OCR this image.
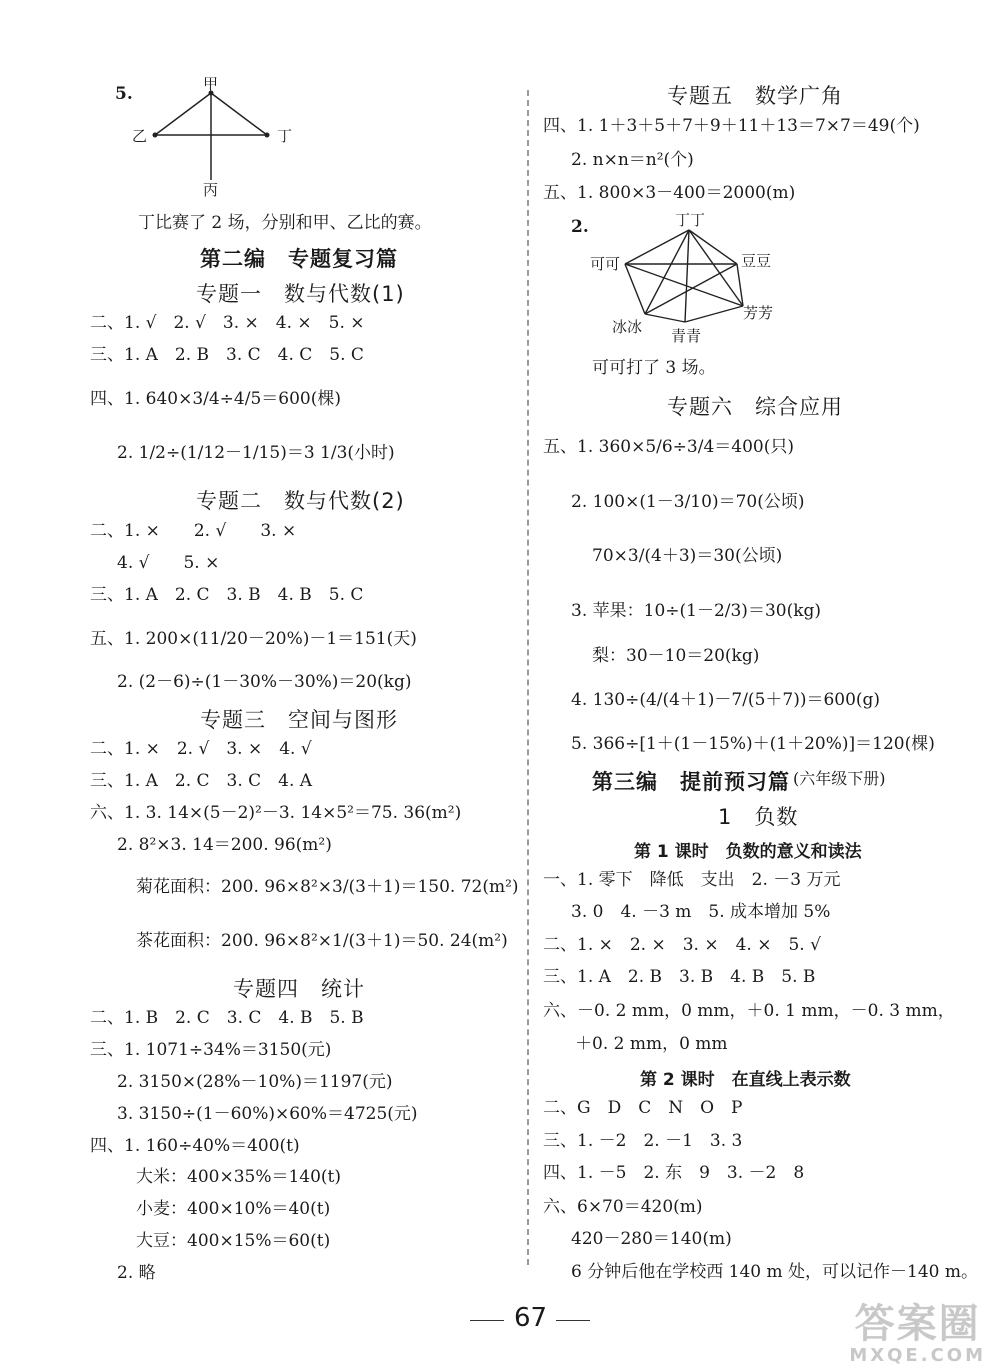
5.	甲
乙	丁
丙
丁比赛了 2 场，分别和甲、乙比的赛。
第二编　专题复习篇
专题一　数与代数(1)
二、1. √　2. √　3. ×　4. ×　5. ×
三、1. A　2. B　3. C　4. C　5. C
四、1. 640×3/4÷4/5＝600(棵)
2. 1/2÷(1/12－1/15)＝3 1/3(小时)
专题二　数与代数(2)
二、1. ×　　2. √　　3. ×
4. √　　5. ×
三、1. A　2. C　3. B　4. B　5. C
五、1. 200×(11/20－20%)－1＝151(天)
2. (2－6)÷(1－30%－30%)＝20(kg)
专题三　空间与图形
二、1. ×　2. √　3. ×　4. √
三、1. A　2. C　3. C　4. A
六、1. 3. 14×(5－2)²－3. 14×5²＝75. 36(m²)
2. 8²×3. 14＝200. 96(m²)
菊花面积：200. 96×8²×3/(3＋1)＝150. 72(m²)
茶花面积：200. 96×8²×1/(3＋1)＝50. 24(m²)
专题四　统计
二、1. B　2. C　3. C　4. B　5. B
三、1. 1071÷34%＝3150(元)
2. 3150×(28%－10%)＝1197(元)
3. 3150÷(1－60%)×60%＝4725(元)
四、1. 160÷40%＝400(t)
大米：400×35%＝140(t)
小麦：400×10%＝40(t)
大豆：400×15%＝60(t)
2. 略
专题五　数学广角
四、1. 1＋3＋5＋7＋9＋11＋13＝7×7＝49(个)
2. n×n＝n²(个)
五、1. 800×3－400＝2000(m)
2.	丁丁
可可	豆豆
芳芳
青青
冰冰
可可打了 3 场。
专题六　综合应用
五、1. 360×5/6÷3/4＝400(只)
2. 100×(1－3/10)＝70(公顷)
70×3/(4＋3)＝30(公顷)
3. 苹果：10÷(1－2/3)＝30(kg)
梨：30－10＝20(kg)
4. 130÷(4/(4＋1)－7/(5＋7))＝600(g)
5. 366÷[1＋(1－15%)＋(1＋20%)]＝120(棵)
第三编　提前预习篇 (六年级下册)
1　负数
第 1 课时　负数的意义和读法
一、1. 零下　降低　支出　2. －3 万元
3. 0　4. －3 m　5. 成本增加 5%
二、1. ×　2. ×　3. ×　4. ×　5. √
三、1. A　2. B　3. B　4. B　5. B
六、－0. 2 mm，0 mm，＋0. 1 mm，－0. 3 mm，
＋0. 2 mm，0 mm
第 2 课时　在直线上表示数
二、G　D　C　N　O　P
三、1. －2　2. －1　3. 3
四、1. －5　2. 东　9　3. －2　8
六、6×70＝420(m)
420－280＝140(m)
6 分钟后他在学校西 140 m 处，可以记作－140 m。
67	答案圈
MXQE.COM
